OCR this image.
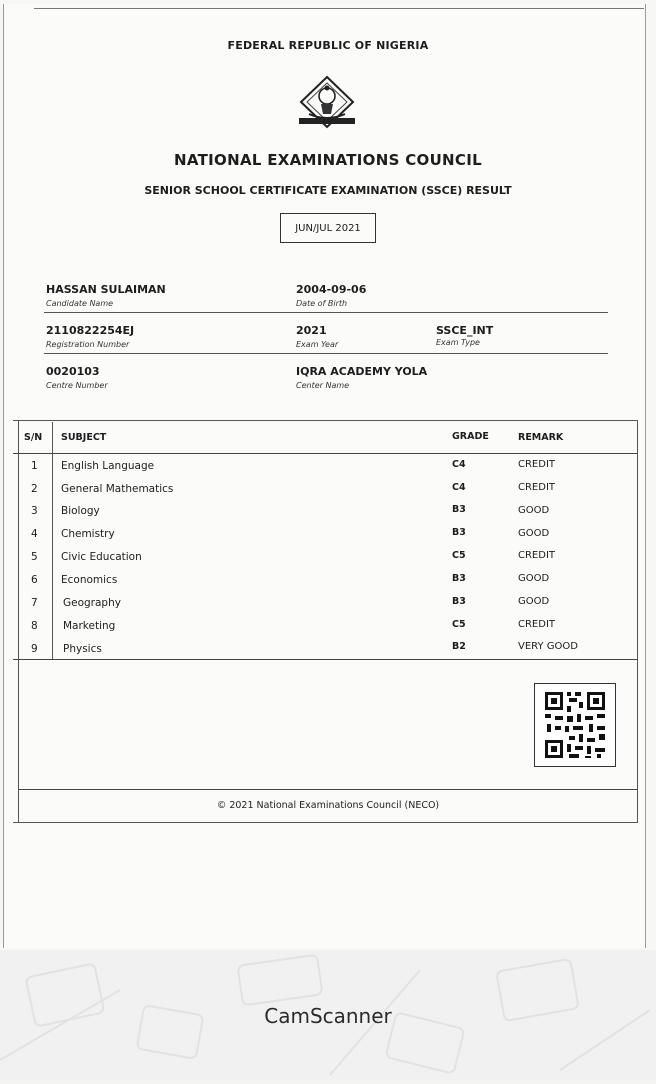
FEDERAL REPUBLIC OF NIGERIA
NATIONAL EXAMINATIONS COUNCIL
SENIOR SCHOOL CERTIFICATE EXAMINATION (SSCE) RESULT
JUN/JUL 2021
HASSAN SULAIMAN
Candidate Name
2004-09-06
Date of Birth
2110822254EJ
Registration Number
2021
Exam Year
SSCE_INT
Exam Type
0020103
Centre Number
IQRA ACADEMY YOLA
Center Name
S/N SUBJECT	GRADE	REMARK
1 English Language	C4	CREDIT
2 General Mathematics	C4	CREDIT
3 Biology	B3	GOOD
4 Chemistry	B3	GOOD
5 Civic Education	C5	CREDIT
6 Economics	B3	GOOD
7 Geography	B3	GOOD
8 Marketing	C5	CREDIT
9 Physics	B2	VERY GOOD
© 2021 National Examinations Council (NECO)
CamScanner
